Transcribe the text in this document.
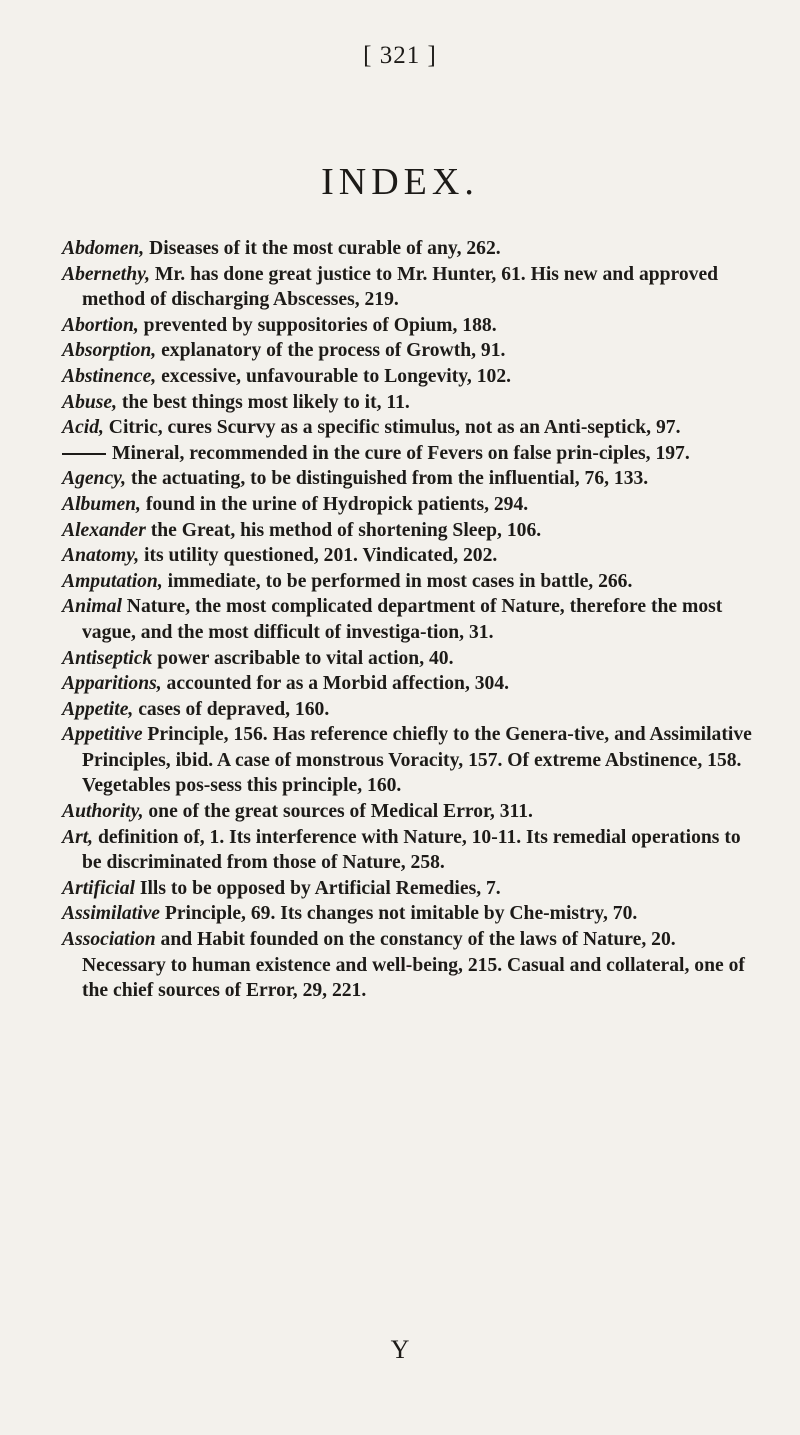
[ 321 ]
INDEX.
Abdomen, Diseases of it the most curable of any, 262.
Abernethy, Mr. has done great justice to Mr. Hunter, 61. His new and approved method of discharging Abscesses, 219.
Abortion, prevented by suppositories of Opium, 188.
Absorption, explanatory of the process of Growth, 91.
Abstinence, excessive, unfavourable to Longevity, 102.
Abuse, the best things most likely to it, 11.
Acid, Citric, cures Scurvy as a specific stimulus, not as an Anti-septick, 97.
Mineral, recommended in the cure of Fevers on false prin-ciples, 197.
Agency, the actuating, to be distinguished from the influential, 76, 133.
Albumen, found in the urine of Hydropick patients, 294.
Alexander the Great, his method of shortening Sleep, 106.
Anatomy, its utility questioned, 201. Vindicated, 202.
Amputation, immediate, to be performed in most cases in battle, 266.
Animal Nature, the most complicated department of Nature, therefore the most vague, and the most difficult of investiga-tion, 31.
Antiseptick power ascribable to vital action, 40.
Apparitions, accounted for as a Morbid affection, 304.
Appetite, cases of depraved, 160.
Appetitive Principle, 156. Has reference chiefly to the Genera-tive, and Assimilative Principles, ibid. A case of monstrous Voracity, 157. Of extreme Abstinence, 158. Vegetables pos-sess this principle, 160.
Authority, one of the great sources of Medical Error, 311.
Art, definition of, 1. Its interference with Nature, 10-11. Its remedial operations to be discriminated from those of Nature, 258.
Artificial Ills to be opposed by Artificial Remedies, 7.
Assimilative Principle, 69. Its changes not imitable by Che-mistry, 70.
Association and Habit founded on the constancy of the laws of Nature, 20. Necessary to human existence and well-being, 215. Casual and collateral, one of the chief sources of Error, 29, 221.
Y
